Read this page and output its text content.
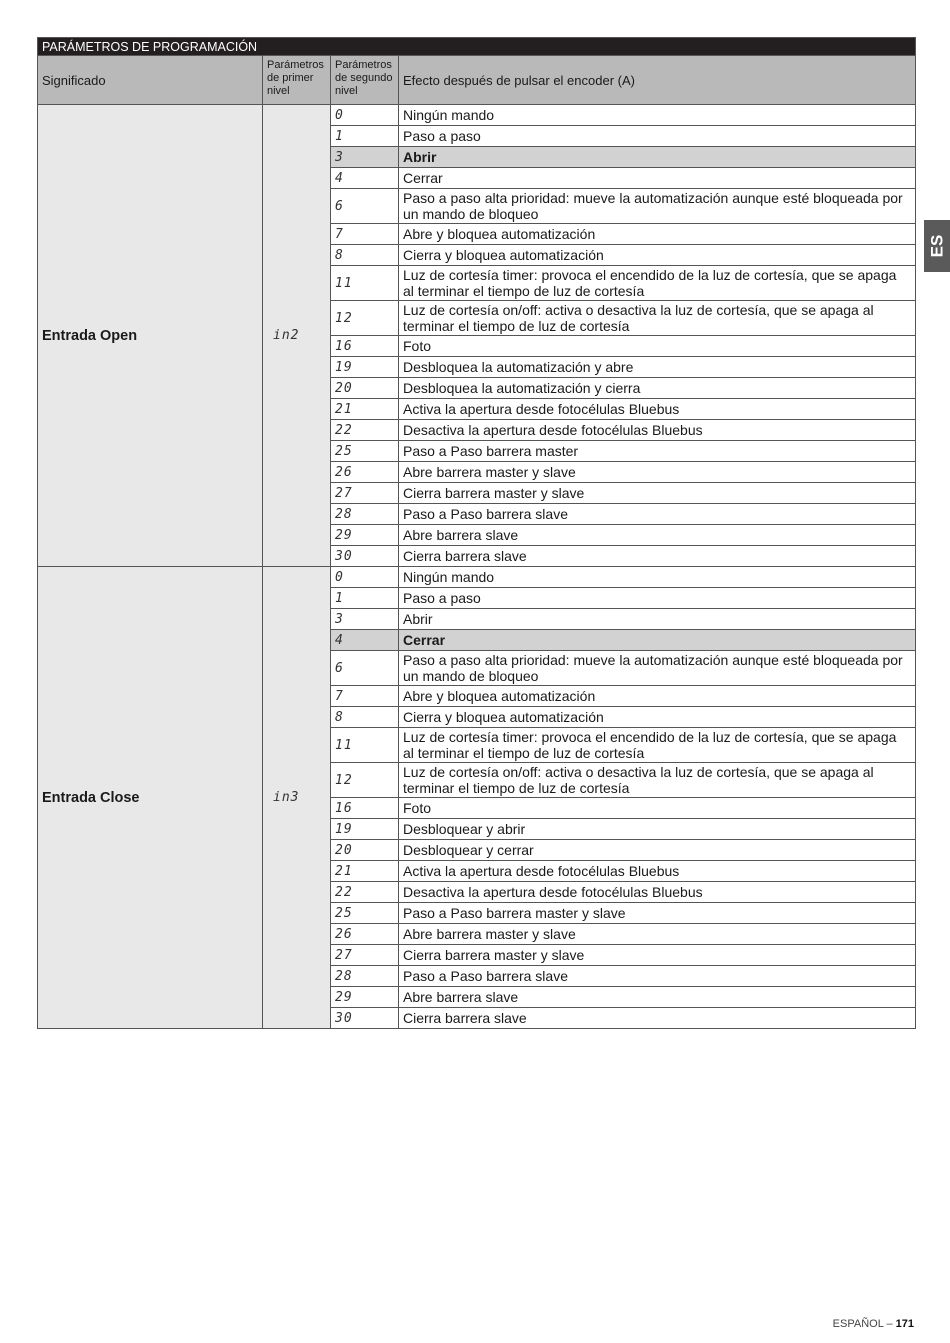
PARÁMETROS DE PROGRAMACIÓN			
Significado	Parámetros de primer nivel	Parámetros de segundo nivel	Efecto después de pulsar el encoder (A)
Entrada Open	in2	0	Ningún mando
		1	Paso a paso
		3	Abrir
		4	Cerrar
		6	Paso a paso alta prioridad: mueve la automatización aunque esté bloqueada por un mando de bloqueo
		7	Abre y bloquea automatización
		8	Cierra y bloquea automatización
		11	Luz de cortesía timer: provoca el encendido de la luz de cortesía, que se apaga al terminar el tiempo de luz de cortesía
		12	Luz de cortesía on/off: activa o desactiva la luz de cortesía, que se apaga al terminar el tiempo de luz de cortesía
		16	Foto
		19	Desbloquea la automatización y abre
		20	Desbloquea la automatización y cierra
		21	Activa la apertura desde fotocélulas Bluebus
		22	Desactiva la apertura desde fotocélulas Bluebus
		25	Paso a Paso barrera master
		26	Abre barrera master y slave
		27	Cierra barrera master y slave
		28	Paso a Paso barrera slave
		29	Abre barrera slave
		30	Cierra barrera slave
Entrada Close	in3	0	Ningún mando
		1	Paso a paso
		3	Abrir
		4	Cerrar
		6	Paso a paso alta prioridad: mueve la automatización aunque esté bloqueada por un mando de bloqueo
		7	Abre y bloquea automatización
		8	Cierra y bloquea automatización
		11	Luz de cortesía timer: provoca el encendido de la luz de cortesía, que se apaga al terminar el tiempo de luz de cortesía
		12	Luz de cortesía on/off: activa o desactiva la luz de cortesía, que se apaga al terminar el tiempo de luz de cortesía
		16	Foto
		19	Desbloquear y abrir
		20	Desbloquear y cerrar
		21	Activa la apertura desde fotocélulas Bluebus
		22	Desactiva la apertura desde fotocélulas Bluebus
		25	Paso a Paso barrera master y slave
		26	Abre barrera master y slave
		27	Cierra barrera master y slave
		28	Paso a Paso barrera slave
		29	Abre barrera slave
		30	Cierra barrera slave
ES
ESPAÑOL – 171
